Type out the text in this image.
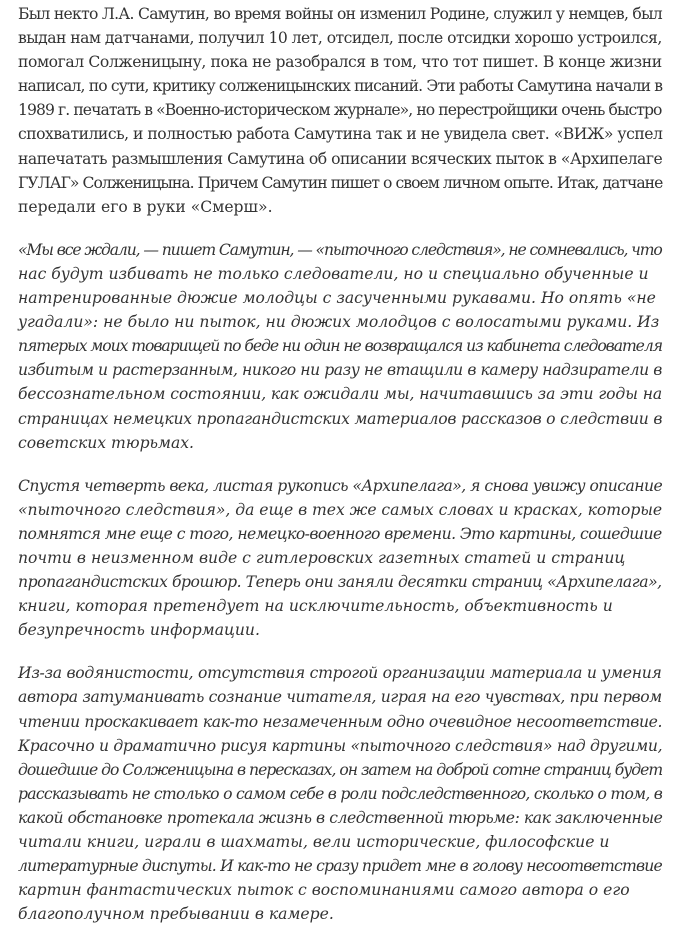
Был некто Л.А. Самутин, во время войны он изменил Родине, служил у немцев, был
выдан нам датчанами, получил 10 лет, отсидел, после отсидки хорошо устроился,
помогал Солженицыну, пока не разобрался в том, что тот пишет. В конце жизни
написал, по сути, критику солженицынских писаний. Эти работы Самутина начали в
1989 г. печатать в «Военно-историческом журнале», но перестройщики очень быстро
спохватились, и полностью работа Самутина так и не увидела свет. «ВИЖ» успел
напечатать размышления Самутина об описании всяческих пыток в «Архипелаге
ГУЛАГ» Солженицына. Причем Самутин пишет о своем личном опыте. Итак, датчане
передали его в руки «Смерш».

«Мы все ждали, — пишет Самутин, — «пыточного следствия», не сомневались, что
нас будут избивать не только следователи, но и специально обученные и
натренированные дюжие молодцы с засученными рукавами. Но опять «не
угадали»: не было ни пыток, ни дюжих молодцов с волосатыми руками. Из
пятерых моих товарищей по беде ни один не возвращался из кабинета следователя
избитым и растерзанным, никого ни разу не втащили в камеру надзиратели в
бессознательном состоянии, как ожидали мы, начитавшись за эти годы на
страницах немецких пропагандистских материалов рассказов о следствии в
советских тюрьмах.

Спустя четверть века, листая рукопись «Архипелага», я снова увижу описание
«пыточного следствия», да еще в тех же самых словах и красках, которые
помнятся мне еще с того, немецко-военного времени. Это картины, сошедшие
почти в неизменном виде с гитлеровских газетных статей и страниц
пропагандистских брошюр. Теперь они заняли десятки страниц «Архипелага»,
книги, которая претендует на исключительность, объективность и
безупречность информации.

Из-за водянистости, отсутствия строгой организации материала и умения
автора затуманивать сознание читателя, играя на его чувствах, при первом
чтении проскакивает как-то незамеченным одно очевидное несоответствие.
Красочно и драматично рисуя картины «пыточного следствия» над другими,
дошедшие до Солженицына в пересказах, он затем на доброй сотне страниц будет
рассказывать не столько о самом себе в роли подследственного, сколько о том, в
какой обстановке протекала жизнь в следственной тюрьме: как заключенные
читали книги, играли в шахматы, вели исторические, философские и
литературные диспуты. И как-то не сразу придет мне в голову несоответствие
картин фантастических пыток с воспоминаниями самого автора о его
благополучном пребывании в камере.
